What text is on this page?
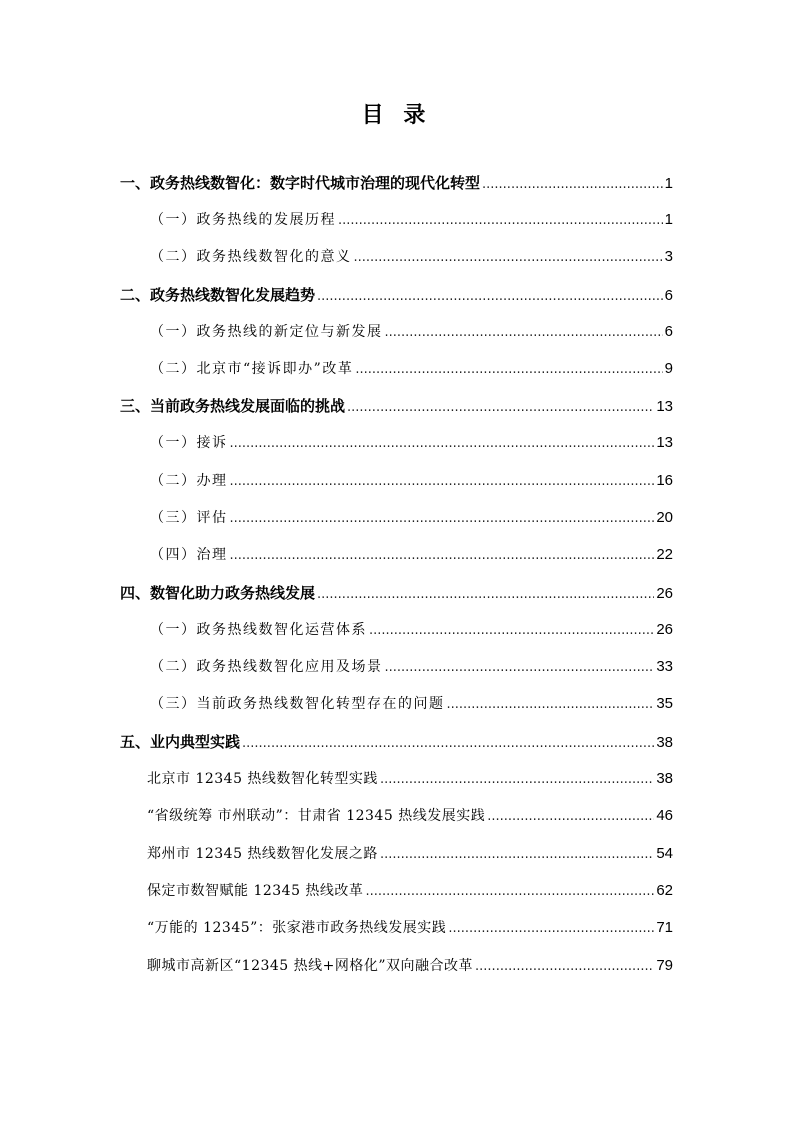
目 录
一、政务热线数智化：数字时代城市治理的现代化转型 .....	1
（一）政务热线的发展历程 .....	1
（二）政务热线数智化的意义 .....	3
二、政务热线数智化发展趋势 .....	6
（一）政务热线的新定位与新发展 .....	6
（二）北京市“接诉即办”改革 .....	9
三、当前政务热线发展面临的挑战 .....	13
（一）接诉 .....	13
（二）办理 .....	16
（三）评估 .....	20
（四）治理 .....	22
四、数智化助力政务热线发展 .....	26
（一）政务热线数智化运营体系 .....	26
（二）政务热线数智化应用及场景 .....	33
（三）当前政务热线数智化转型存在的问题 .....	35
五、业内典型实践 .....	38
北京市 12345 热线数智化转型实践 .....	38
“省级统筹 市州联动”：甘肃省 12345 热线发展实践 .....	46
郑州市 12345 热线数智化发展之路 .....	54
保定市数智赋能 12345 热线改革 .....	62
“万能的 12345”：张家港市政务热线发展实践 .....	71
聊城市高新区“12345 热线+网格化”双向融合改革 .....	79
